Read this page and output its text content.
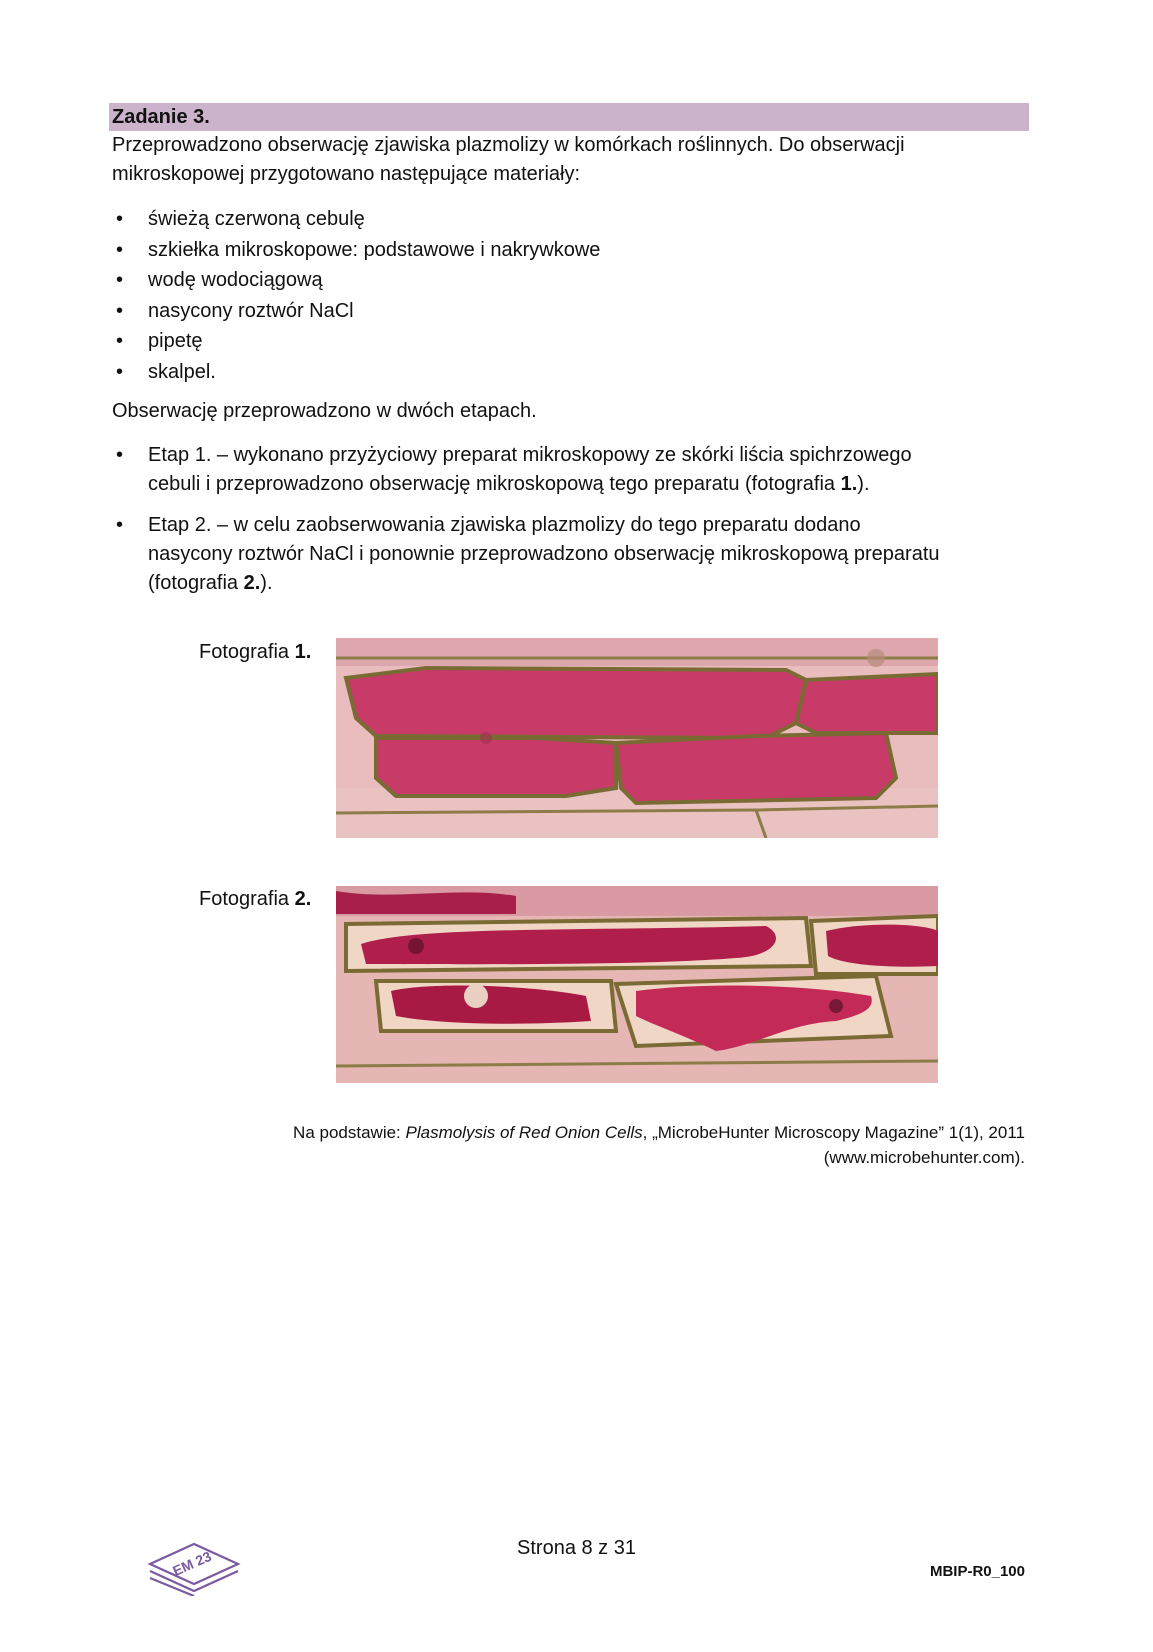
Zadanie 3.
Przeprowadzono obserwację zjawiska plazmolizy w komórkach roślinnych. Do obserwacji
mikroskopowej przygotowano następujące materiały:
• świeżą czerwoną cebulę
• szkiełka mikroskopowe: podstawowe i nakrywkowe
• wodę wodociągową
• nasycony roztwór NaCl
• pipetę
• skalpel.
Obserwację przeprowadzono w dwóch etapach.
• Etap 1. – wykonano przyżyciowy preparat mikroskopowy ze skórki liścia spichrzowego
cebuli i przeprowadzono obserwację mikroskopową tego preparatu (fotografia 1.).
• Etap 2. – w celu zaobserwowania zjawiska plazmolizy do tego preparatu dodano
nasycony roztwór NaCl i ponownie przeprowadzono obserwację mikroskopową preparatu
(fotografia 2.).
Fotografia 1.
Fotografia 2.
Na podstawie: Plasmolysis of Red Onion Cells, „MicrobeHunter Microscopy Magazine” 1(1), 2011
(www.microbehunter.com).
EM 23	Strona 8 z 31
MBIP-R0_100
